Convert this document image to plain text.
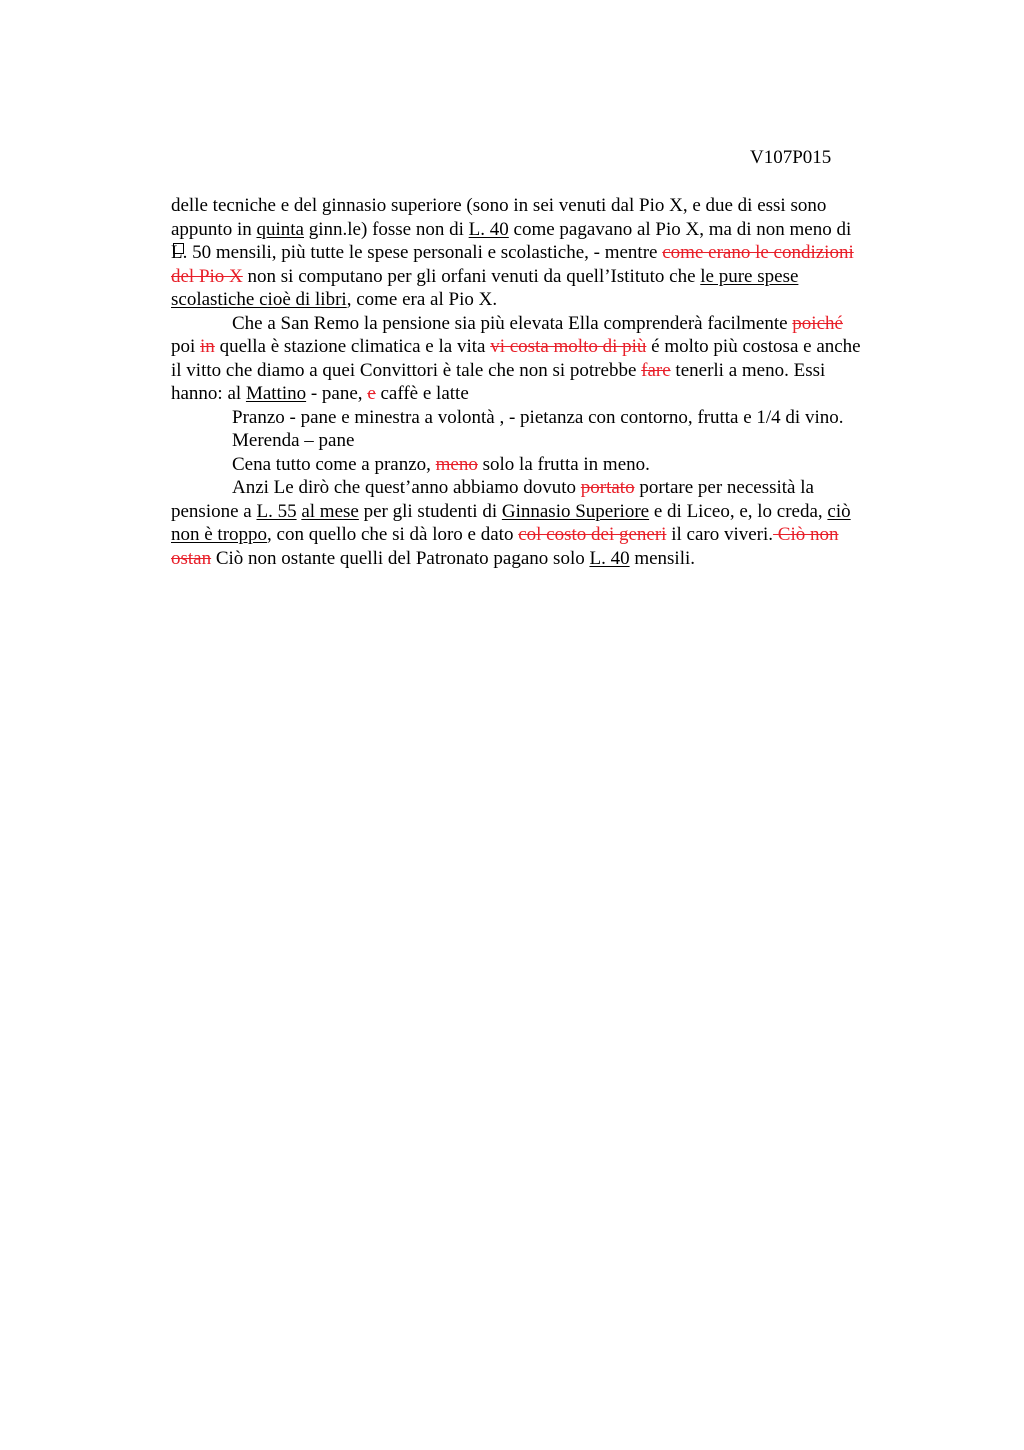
V107P015
delle tecniche e del ginnasio superiore (sono in sei venuti dal Pio X, e due di essi sono
appunto in quinta ginn.le) fosse non di L. 40 come pagavano al Pio X, ma di non meno di
L. 50 mensili, più tutte le spese personali e scolastiche, - mentre come erano le condizioni
del Pio X non si computano per gli orfani venuti da quell’Istituto che le pure spese
scolastiche cioè di libri, come era al Pio X.
Che a San Remo la pensione sia più elevata Ella comprenderà facilmente poiché
poi in quella è stazione climatica e la vita vi costa molto di più é molto più costosa e anche
il vitto che diamo a quei Convittori è tale che non si potrebbe fare tenerli a meno. Essi
hanno: al Mattino - pane, e caffè e latte
Pranzo - pane e minestra a volontà , - pietanza con contorno, frutta e 1/4 di vino.
Merenda – pane
Cena tutto come a pranzo, meno solo la frutta in meno.
Anzi Le dirò che quest’anno abbiamo dovuto portato portare per necessità la
pensione a L. 55 al mese per gli studenti di Ginnasio Superiore e di Liceo, e, lo creda, ciò
non è troppo, con quello che si dà loro e dato col costo dei generi il caro viveri. Ciò non
ostan Ciò non ostante quelli del Patronato pagano solo L. 40 mensili.
